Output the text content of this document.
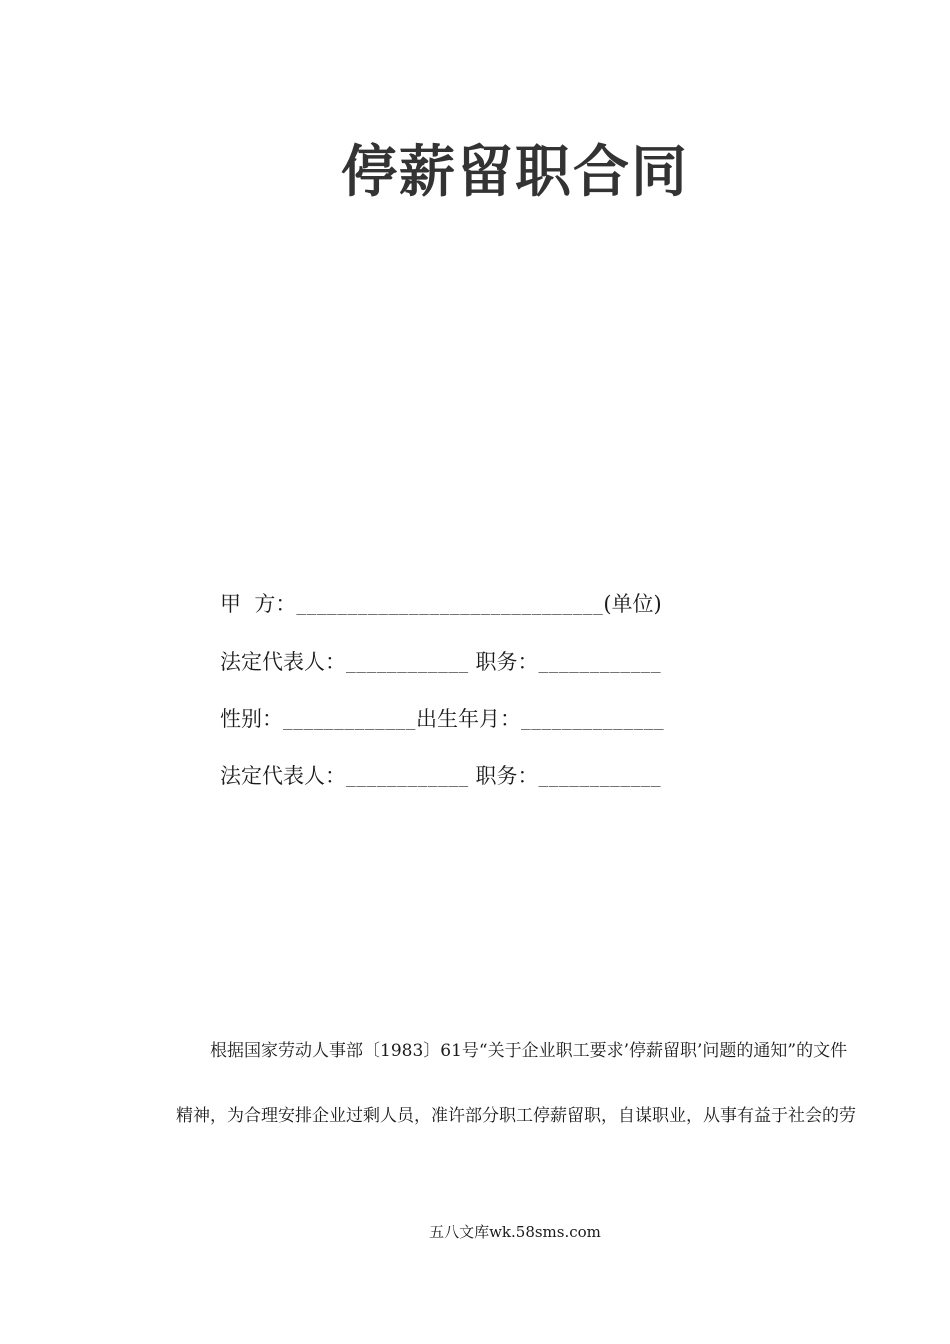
停薪留职合同
甲  方：______________________________(单位)
法定代表人：____________ 职务：____________
性别：_____________出生年月：______________
法定代表人：____________ 职务：____________
根据国家劳动人事部〔1983〕61号“关于企业职工要求’停薪留职’问题的通知”的文件
精神，为合理安排企业过剩人员，准许部分职工停薪留职，自谋职业，从事有益于社会的劳
五八文库wk.58sms.com
